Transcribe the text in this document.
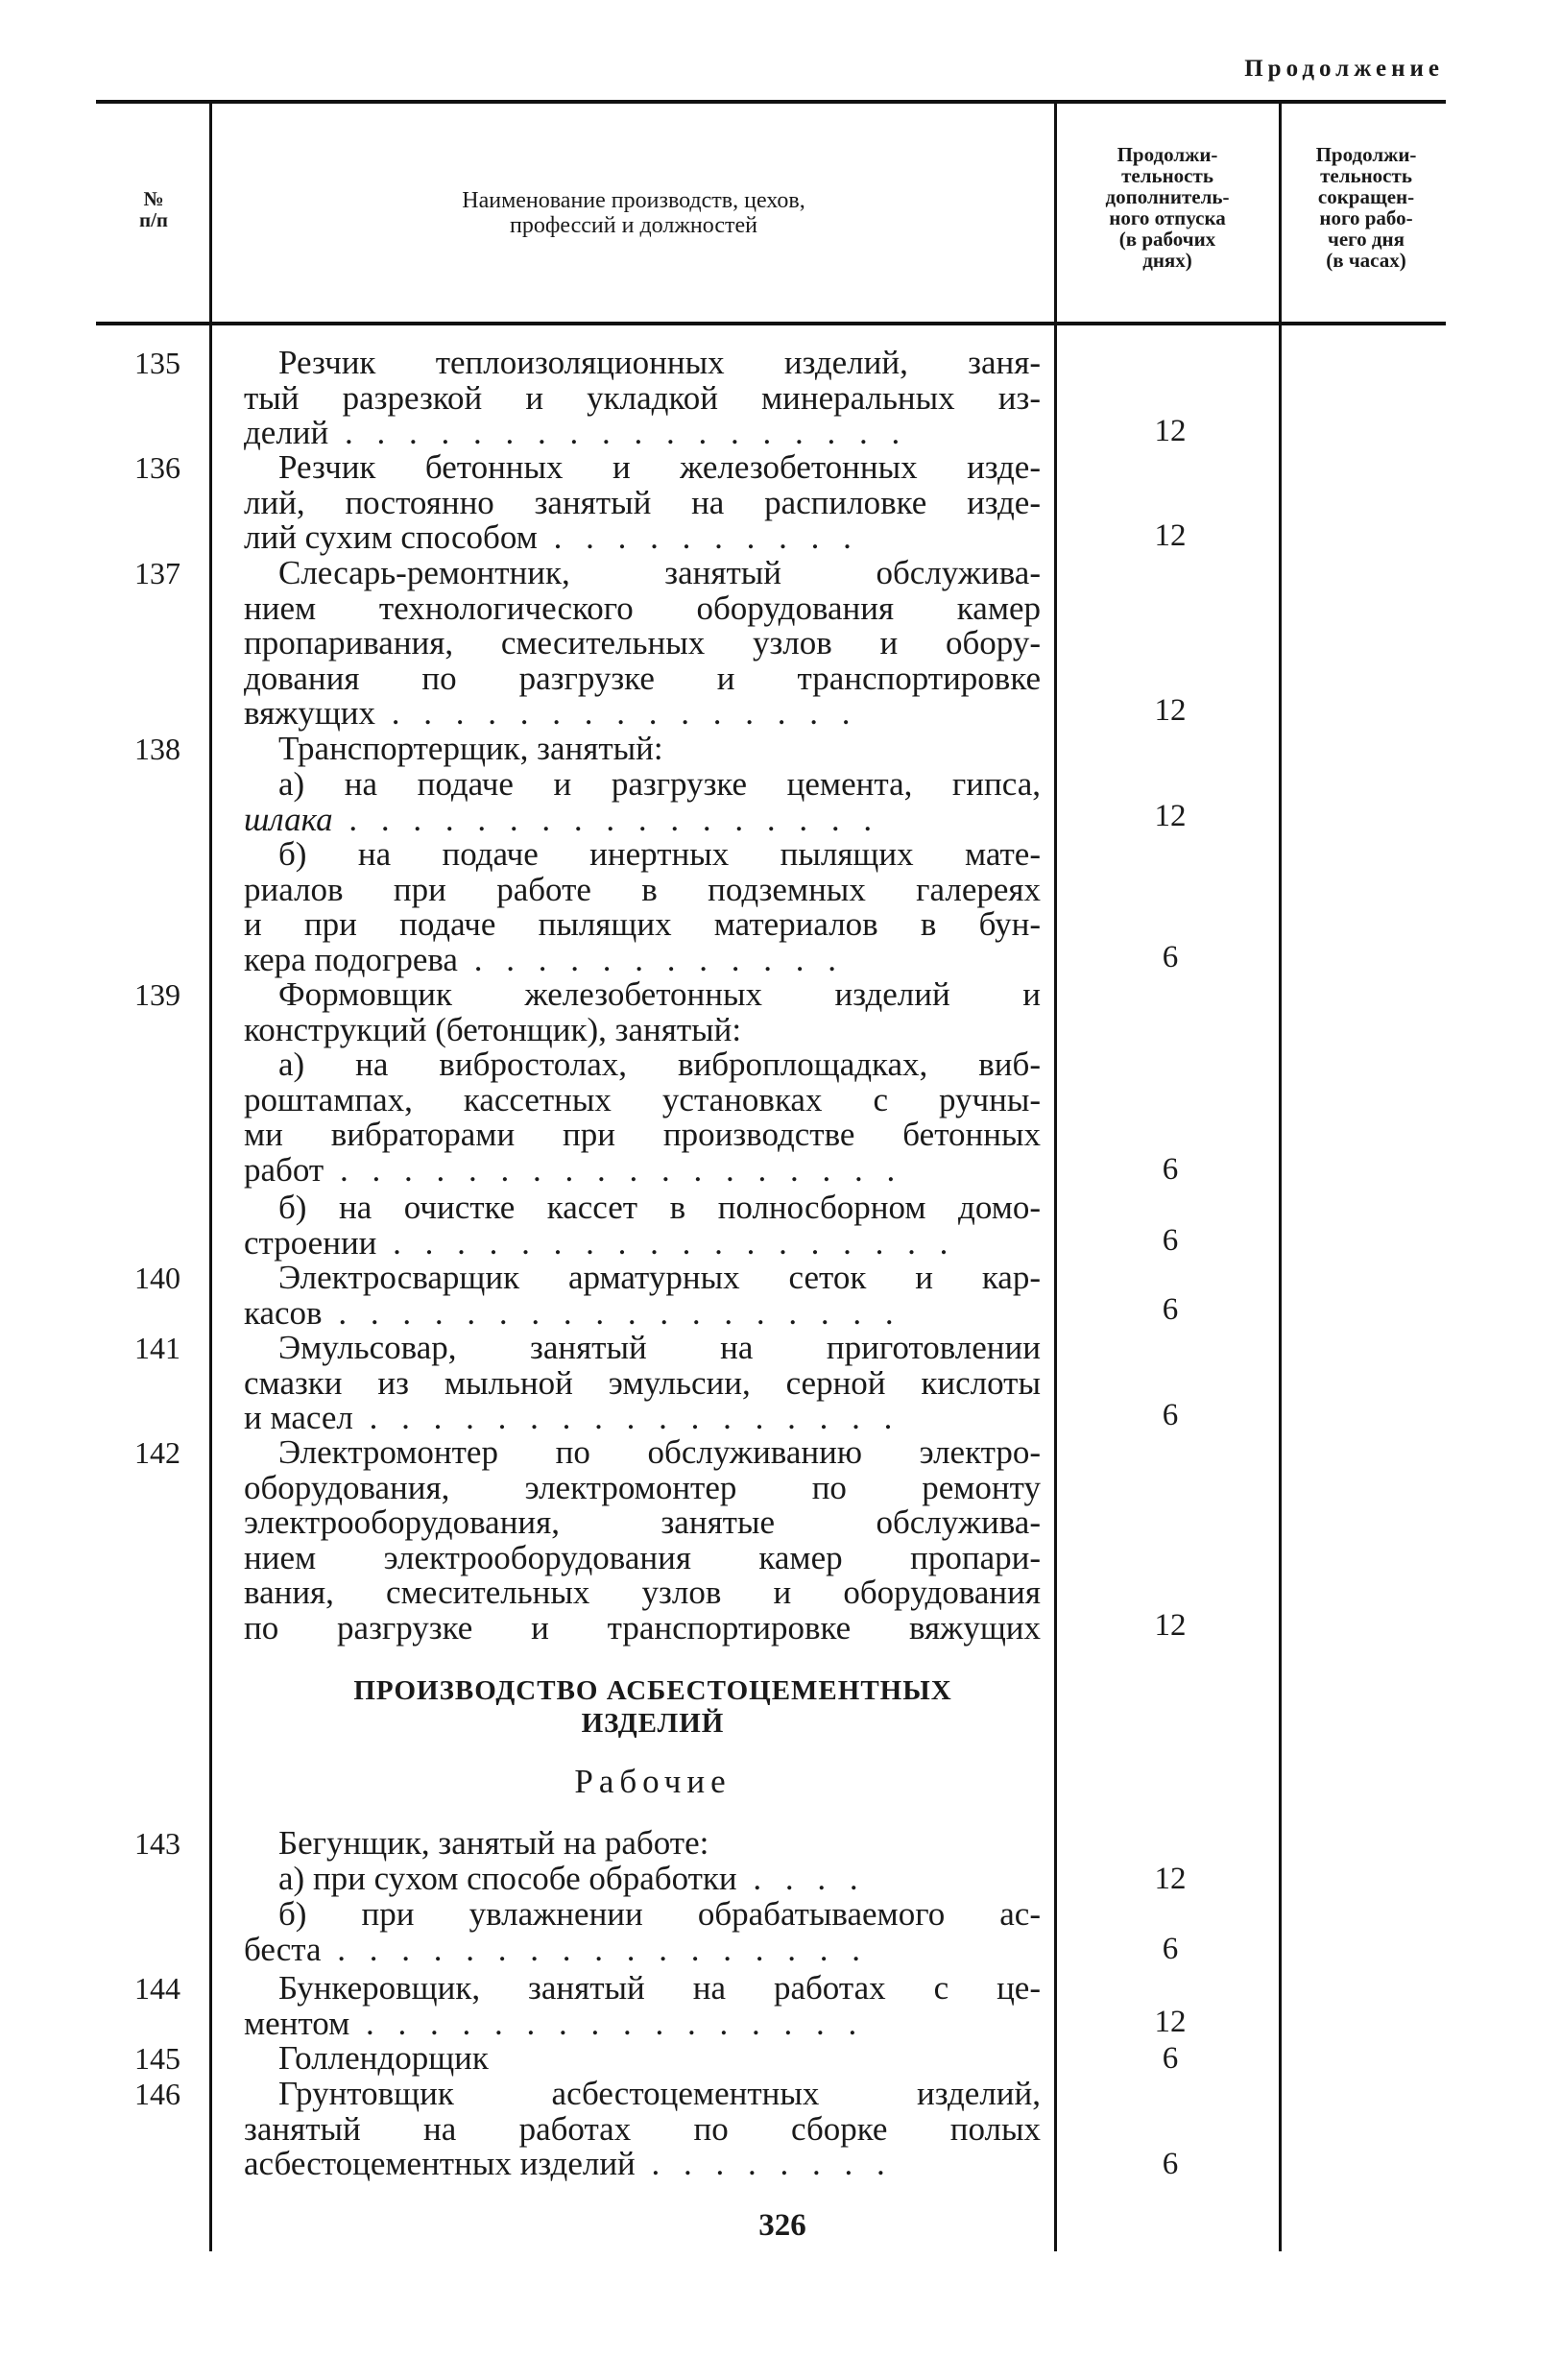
Продолжение
№
п/п
Наименование производств, цехов,
профессий и должностей
Продолжи-
тельность
дополнитель-
ного отпуска
(в рабочих
днях)
Продолжи-
тельность
сокращен-
ного рабо-
чего дня
(в часах)
135	Резчик теплоизоляционных изделий, заня-
тый разрезкой и укладкой минеральных из-
делий . . . . . . . . . . . . . . . . . .	12
136	Резчик бетонных и железобетонных изде-
лий, постоянно занятый на распиловке изде-
лий сухим способом . . . . . . . . . .	12
137	Слесарь-ремонтник, занятый обслужива-
нием технологического оборудования камер
пропаривания, смесительных узлов и обору-
дования по разгрузке и транспортировке
вяжущих . . . . . . . . . . . . . . .	12
138	Транспортерщик, занятый:
а) на подаче и разгрузке цемента, гипса,
шлака . . . . . . . . . . . . . . . . .	12
б) на подаче инертных пылящих мате-
риалов при работе в подземных галереях
и при подаче пылящих материалов в бун-
кера подогрева . . . . . . . . . . . .	6
139	Формовщик железобетонных изделий и
конструкций (бетонщик), занятый:
а) на вибростолах, виброплощадках, виб-
роштампах, кассетных установках с ручны-
ми вибраторами при производстве бетонных
работ . . . . . . . . . . . . . . . . . .	6
б) на очистке кассет в полносборном домо-
строении . . . . . . . . . . . . . . . . . .	6
140	Электросварщик арматурных сеток и кар-
касов . . . . . . . . . . . . . . . . . .	6
141	Эмульсовар, занятый на приготовлении
смазки из мыльной эмульсии, серной кислоты
и масел . . . . . . . . . . . . . . . . .	6
142	Электромонтер по обслуживанию электро-
оборудования, электромонтер по ремонту
электрооборудования, занятые обслужива-
нием электрооборудования камер пропари-
вания, смесительных узлов и оборудования
по разгрузке и транспортировке вяжущих	12
ПРОИЗВОДСТВО АСБЕСТОЦЕМЕНТНЫХ
ИЗДЕЛИЙ
Рабочие
143	Бегунщик, занятый на работе:
а) при сухом способе обработки . . . .	12
б) при увлажнении обрабатываемого ас-
беста . . . . . . . . . . . . . . . . .	6
144	Бункеровщик, занятый на работах с це-
ментом . . . . . . . . . . . . . . . .	12
145	Голлендорщик	6
146	Грунтовщик асбестоцементных изделий,
занятый на работах по сборке полых
асбестоцементных изделий . . . . . . . .	6
326
